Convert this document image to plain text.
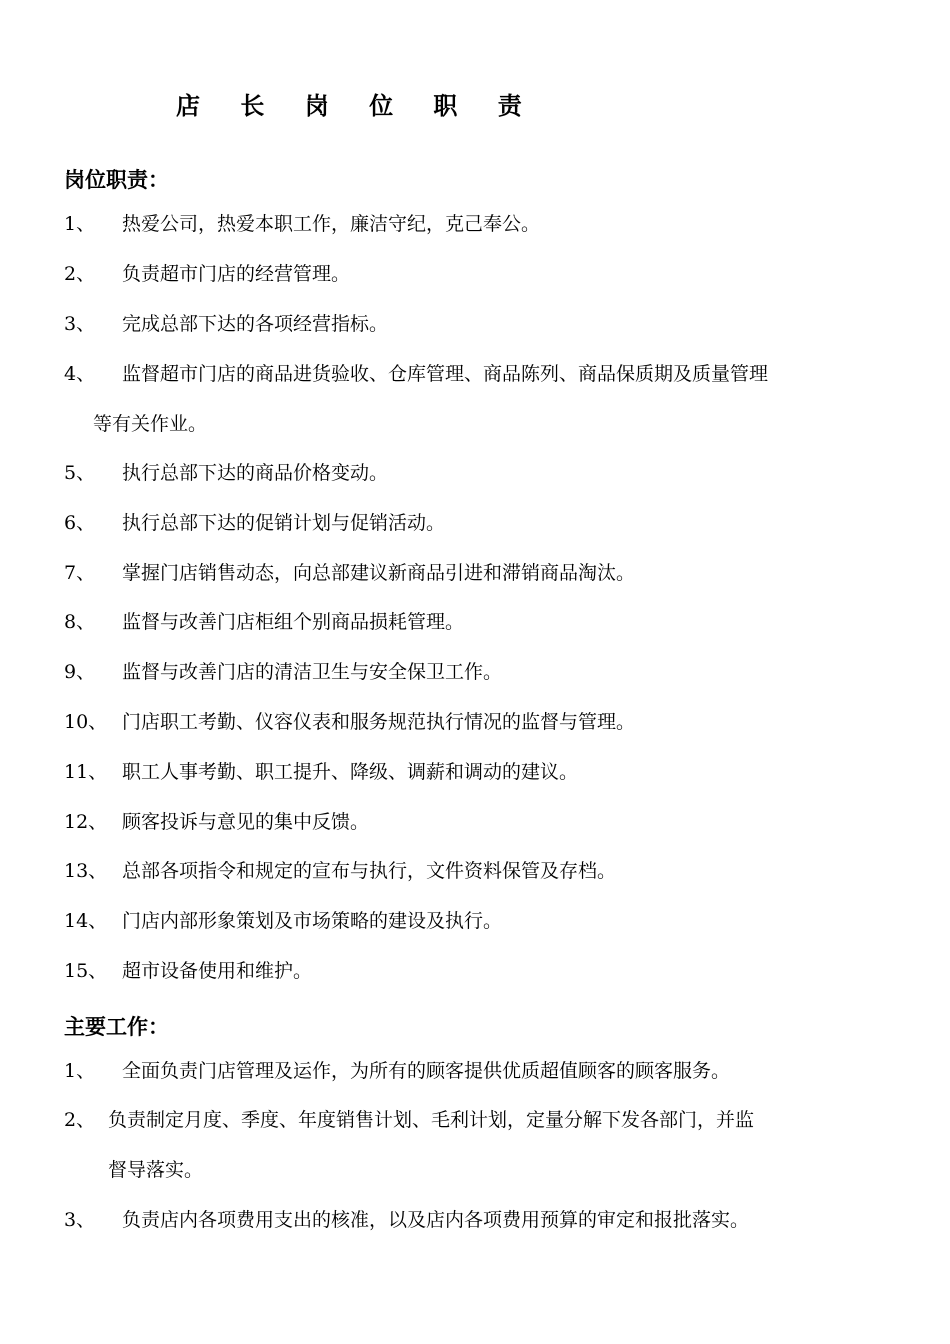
店 长 岗 位 职 责
岗位职责：
1、 热爱公司，热爱本职工作，廉洁守纪，克己奉公。
2、 负责超市门店的经营管理。
3、 完成总部下达的各项经营指标。
4、 监督超市门店的商品进货验收、仓库管理、商品陈列、商品保质期及质量管理
等有关作业。
5、 执行总部下达的商品价格变动。
6、 执行总部下达的促销计划与促销活动。
7、 掌握门店销售动态，向总部建议新商品引进和滞销商品淘汰。
8、 监督与改善门店柜组个别商品损耗管理。
9、 监督与改善门店的清洁卫生与安全保卫工作。
10、 门店职工考勤、仪容仪表和服务规范执行情况的监督与管理。
11、 职工人事考勤、职工提升、降级、调薪和调动的建议。
12、 顾客投诉与意见的集中反馈。
13、 总部各项指令和规定的宣布与执行，文件资料保管及存档。
14、 门店内部形象策划及市场策略的建设及执行。
15、 超市设备使用和维护。
主要工作：
1、 全面负责门店管理及运作，为所有的顾客提供优质超值顾客的顾客服务。
2、 负责制定月度、季度、年度销售计划、毛利计划，定量分解下发各部门，并监
督导落实。
3、 负责店内各项费用支出的核准，以及店内各项费用预算的审定和报批落实。
